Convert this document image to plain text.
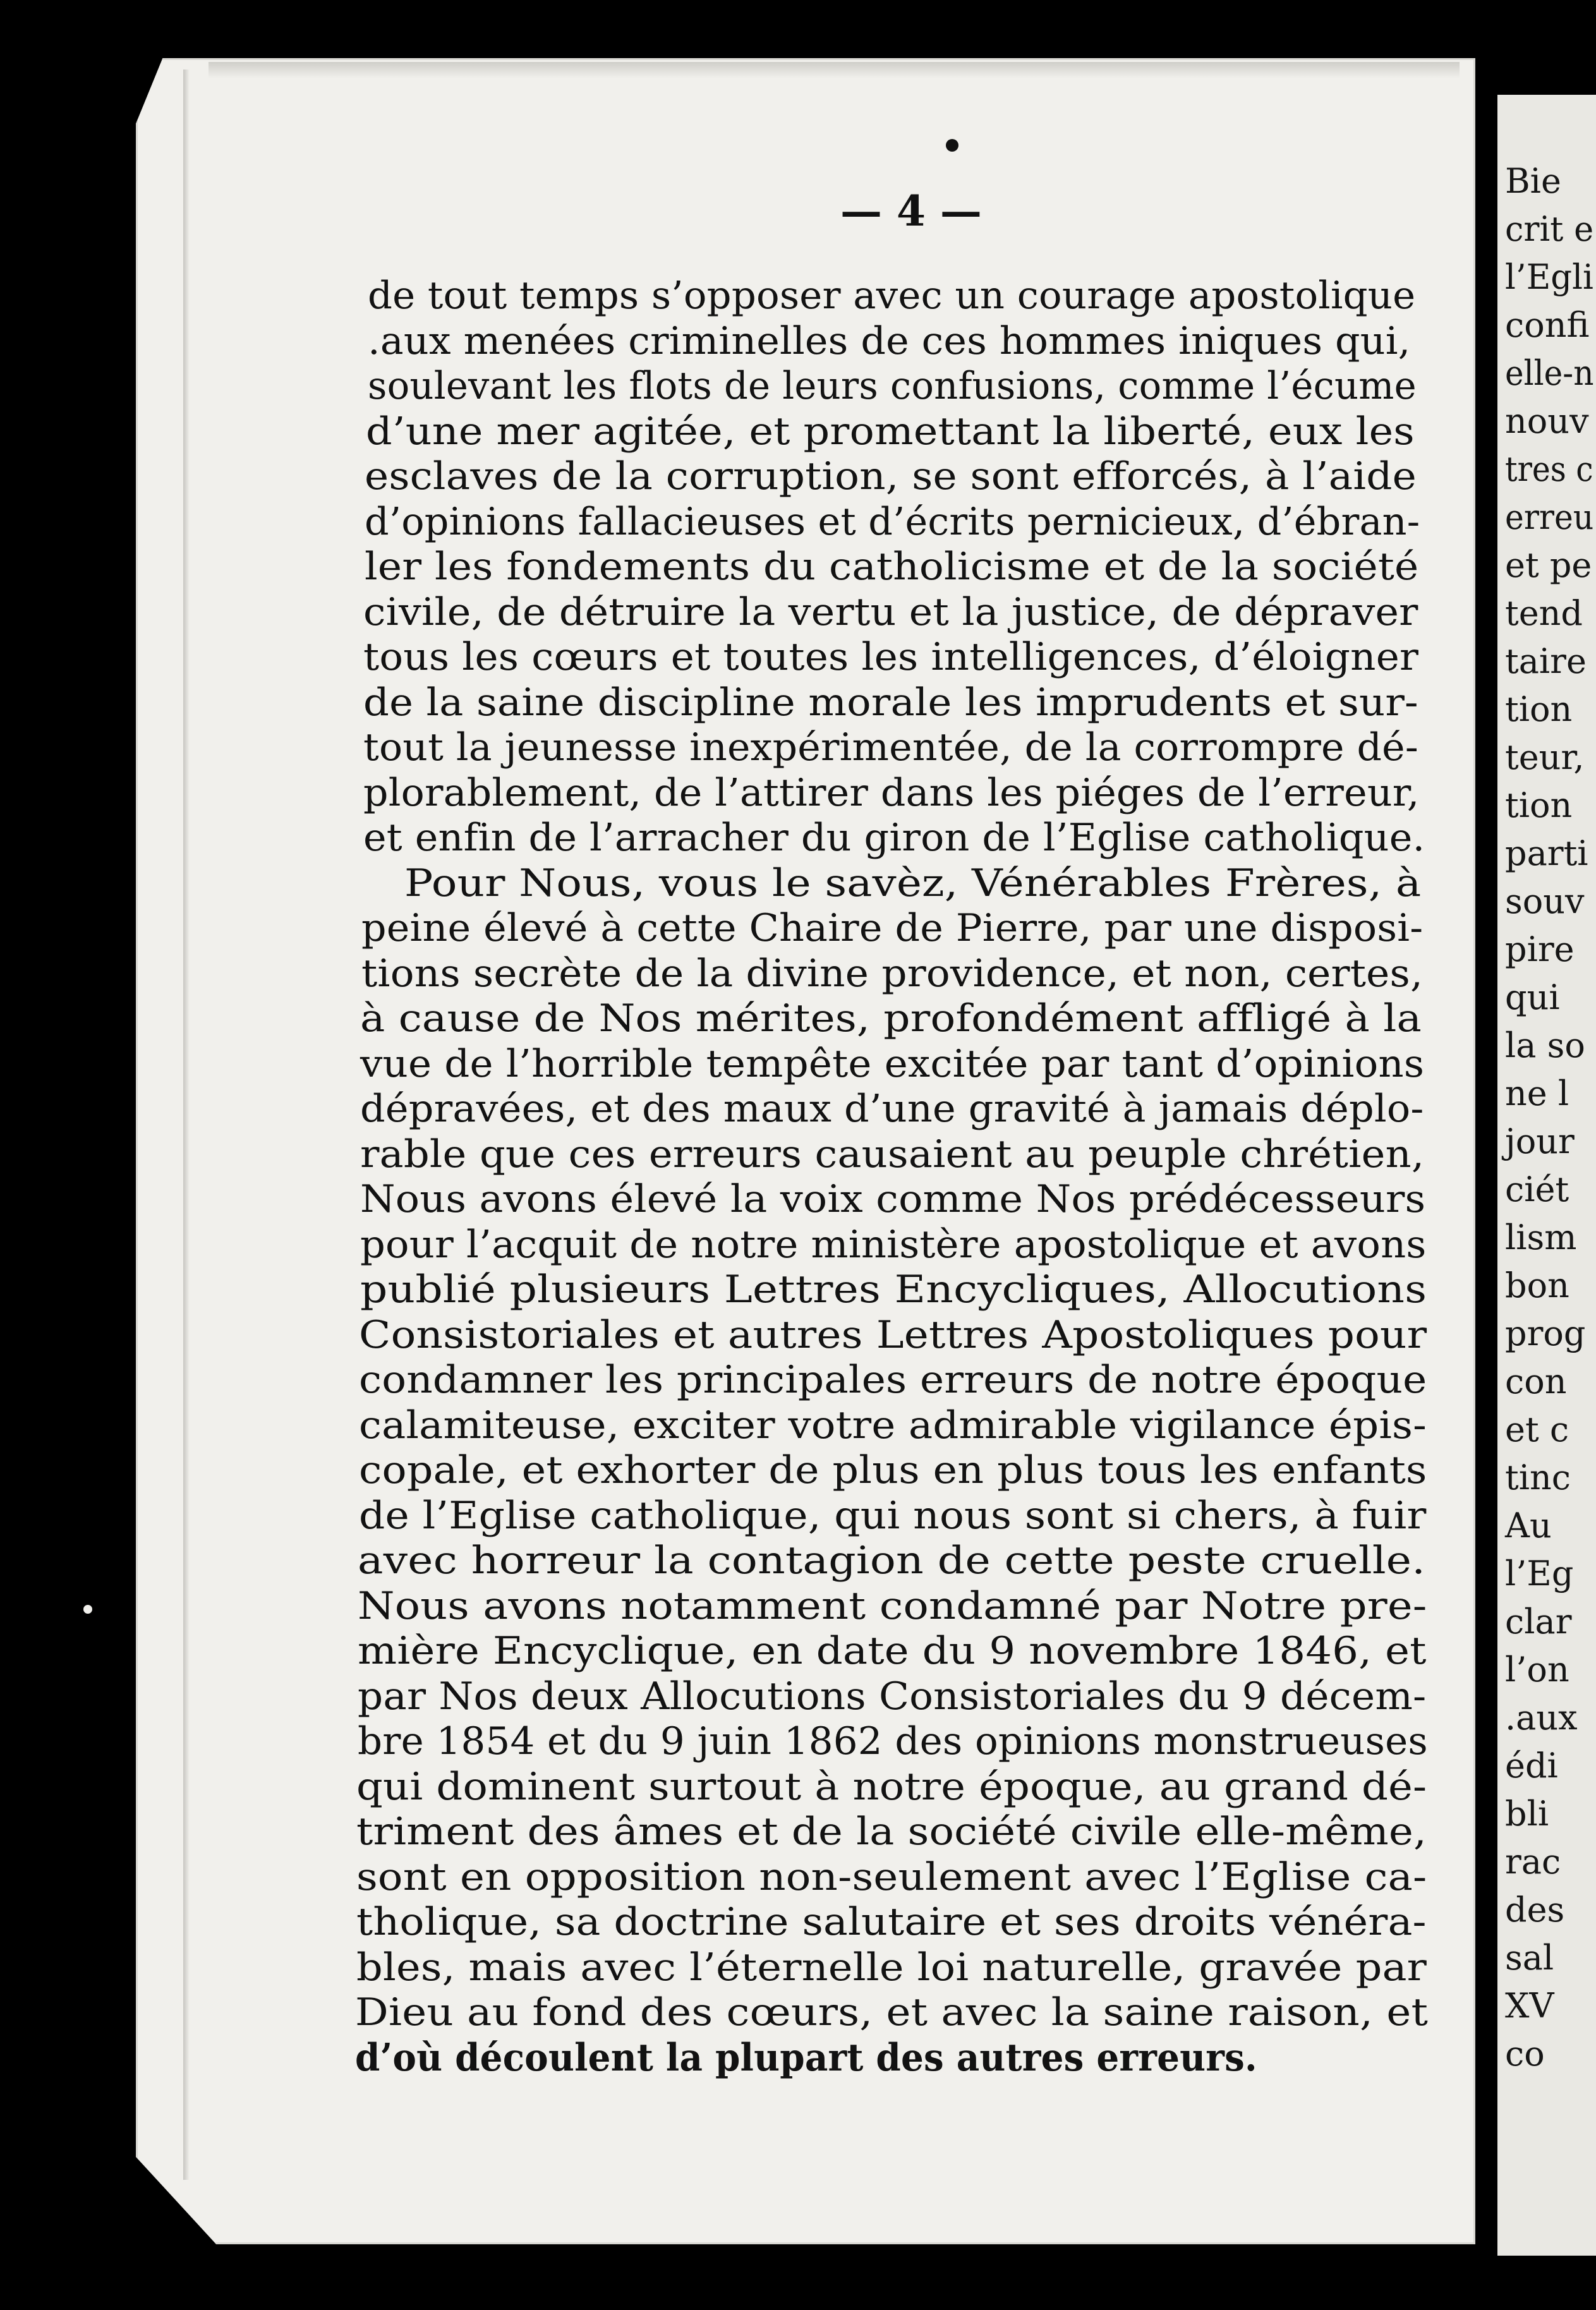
Bie
crit e
l’Egli
confi
elle-n
nouv
tres c
erreu
et pe
tend
taire
tion
teur,
tion
parti
souv
pire
qui
la so
ne l
jour
ciét
lism
bon
prog
con
et c
tinc
Au
l’Eg
clar
l’on
.aux
édi
bli
rac
des
sal
XV
co
— 4 —
de tout temps s’opposer avec un courage apostolique
.aux menées criminelles de ces hommes iniques qui,
soulevant les flots de leurs confusions, comme l’écume
d’une mer agitée, et promettant la liberté, eux les
esclaves de la corruption, se sont efforcés, à l’aide
d’opinions fallacieuses et d’écrits pernicieux, d’ébran-
ler les fondements du catholicisme et de la société
civile, de détruire la vertu et la justice, de dépraver
tous les cœurs et toutes les intelligences, d’éloigner
de la saine discipline morale les imprudents et sur-
tout la jeunesse inexpérimentée, de la corrompre dé-
plorablement, de l’attirer dans les piéges de l’erreur,
et enfin de l’arracher du giron de l’Eglise catholique.
Pour Nous, vous le savèz, Vénérables Frères, à
peine élevé à cette Chaire de Pierre, par une disposi-
tions secrète de la divine providence, et non, certes,
à cause de Nos mérites, profondément affligé à la
vue de l’horrible tempête excitée par tant d’opinions
dépravées, et des maux d’une gravité à jamais déplo-
rable que ces erreurs causaient au peuple chrétien,
Nous avons élevé la voix comme Nos prédécesseurs
pour l’acquit de notre ministère apostolique et avons
publié plusieurs Lettres Encycliques, Allocutions
Consistoriales et autres Lettres Apostoliques pour
condamner les principales erreurs de notre époque
calamiteuse, exciter votre admirable vigilance épis-
copale, et exhorter de plus en plus tous les enfants
de l’Eglise catholique, qui nous sont si chers, à fuir
avec horreur la contagion de cette peste cruelle.
Nous avons notamment condamné par Notre pre-
mière Encyclique, en date du 9 novembre 1846, et
par Nos deux Allocutions Consistoriales du 9 décem-
bre 1854 et du 9 juin 1862 des opinions monstrueuses
qui dominent surtout à notre époque, au grand dé-
triment des âmes et de la société civile elle-même,
sont en opposition non-seulement avec l’Eglise ca-
tholique, sa doctrine salutaire et ses droits vénéra-
bles, mais avec l’éternelle loi naturelle, gravée par
Dieu au fond des cœurs, et avec la saine raison, et
d’où découlent la plupart des autres erreurs.
